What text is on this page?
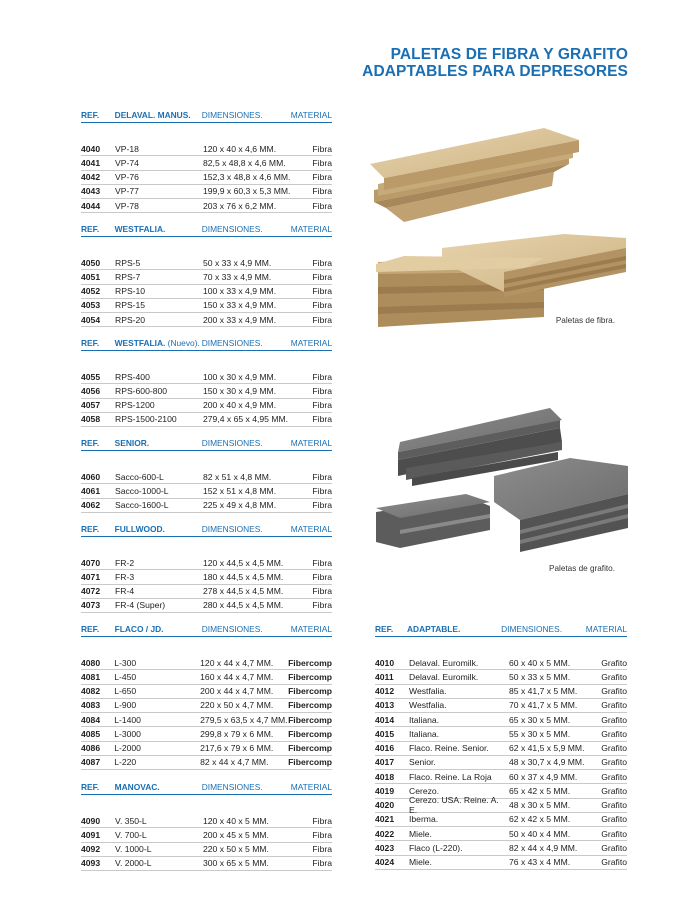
PALETAS DE FIBRA Y GRAFITO
ADAPTABLES PARA DEPRESORES
REF.	DELAVAL. MANUS.	DIMENSIONES.	MATERIAL
4040	VP-18	120 x 40 x 4,6 MM.	Fibra
4041	VP-74	82,5 x 48,8 x 4,6 MM.	Fibra
4042	VP-76	152,3 x 48,8 x 4,6 MM.	Fibra
4043	VP-77	199,9 x 60,3 x 5,3 MM.	Fibra
4044	VP-78	203 x 76 x 6,2 MM.	Fibra
REF.	WESTFALIA.	DIMENSIONES.	MATERIAL
4050	RPS-5	50 x 33 x 4,9 MM.	Fibra
4051	RPS-7	70 x 33 x 4,9 MM.	Fibra
4052	RPS-10	100 x 33 x 4,9 MM.	Fibra
4053	RPS-15	150 x 33 x 4,9 MM.	Fibra
4054	RPS-20	200 x 33 x 4,9 MM.	Fibra
REF.	WESTFALIA. (Nuevo). DIMENSIONES.	MATERIAL
4055	RPS-400	100 x 30 x 4,9 MM.	Fibra
4056	RPS-600-800	150 x 30 x 4,9 MM.	Fibra
4057	RPS-1200	200 x 40 x 4,9 MM.	Fibra
4058	RPS-1500-2100	279,4 x 65 x 4,95 MM.	Fibra
REF.	SENIOR.	DIMENSIONES.	MATERIAL
4060	Sacco-600-L	82 x 51 x 4,8 MM.	Fibra
4061	Sacco-1000-L	152 x 51 x 4,8 MM.	Fibra
4062	Sacco-1600-L	225 x 49 x 4,8 MM.	Fibra
REF.	FULLWOOD.	DIMENSIONES.	MATERIAL
4070	FR-2	120 x 44,5 x 4,5 MM.	Fibra
4071	FR-3	180 x 44,5 x 4,5 MM.	Fibra
4072	FR-4	278 x 44,5 x 4,5 MM.	Fibra
4073	FR-4 (Super)	280 x 44,5 x 4,5 MM.	Fibra
REF.	FLACO / JD.	DIMENSIONES.	MATERIAL
4080	L-300	120 x 44 x 4,7 MM.	Fibercomp
4081	L-450	160 x 44 x 4,7 MM.	Fibercomp
4082	L-650	200 x 44 x 4,7 MM.	Fibercomp
4083	L-900	220 x 50 x 4,7 MM.	Fibercomp
4084	L-1400	279,5 x 63,5 x 4,7 MM. Fibercomp
4085	L-3000	299,8 x 79 x 6 MM.	Fibercomp
4086	L-2000	217,6 x 79 x 6 MM.	Fibercomp
4087	L-220	82 x 44 x 4,7 MM.	Fibercomp
REF.	MANOVAC.	DIMENSIONES.	MATERIAL
4090	V. 350-L	120 x 40 x 5 MM.	Fibra
4091	V. 700-L	200 x 45 x 5 MM.	Fibra
4092	V. 1000-L	220 x 50 x 5 MM.	Fibra
4093	V. 2000-L	300 x 65 x 5 MM.	Fibra
REF.	ADAPTABLE.	DIMENSIONES.	MATERIAL
4010	Delaval. Euromilk.	60 x 40 x 5 MM.	Grafito
4011	Delaval. Euromilk.	50 x 33 x 5 MM.	Grafito
4012	Westfalia.	85 x 41,7 x 5 MM.	Grafito
4013	Westfalia.	70 x 41,7 x 5 MM.	Grafito
4014	Italiana.	65 x 30 x 5 MM.	Grafito
4015	Italiana.	55 x 30 x 5 MM.	Grafito
4016	Flaco. Reine. Senior.	62 x 41,5 x 5,9 MM.	Grafito
4017	Senior.	48 x 30,7 x 4,9 MM.	Grafito
4018	Flaco. Reine. La Roja	60 x 37 x 4,9 MM.	Grafito
4019	Cerezo.	65 x 42 x 5 MM.	Grafito
4020	Cerezo. USA. Reine. A. E.	48 x 30 x 5 MM.	Grafito
4021	Iberma.	62 x 42 x 5 MM.	Grafito
4022	Miele.	50 x 40 x 4 MM.	Grafito
4023	Flaco (L-220).	82 x 44 x 4,9 MM.	Grafito
4024	Miele.	76 x 43 x 4 MM.	Grafito
Paletas de fibra.
Paletas de grafito.
